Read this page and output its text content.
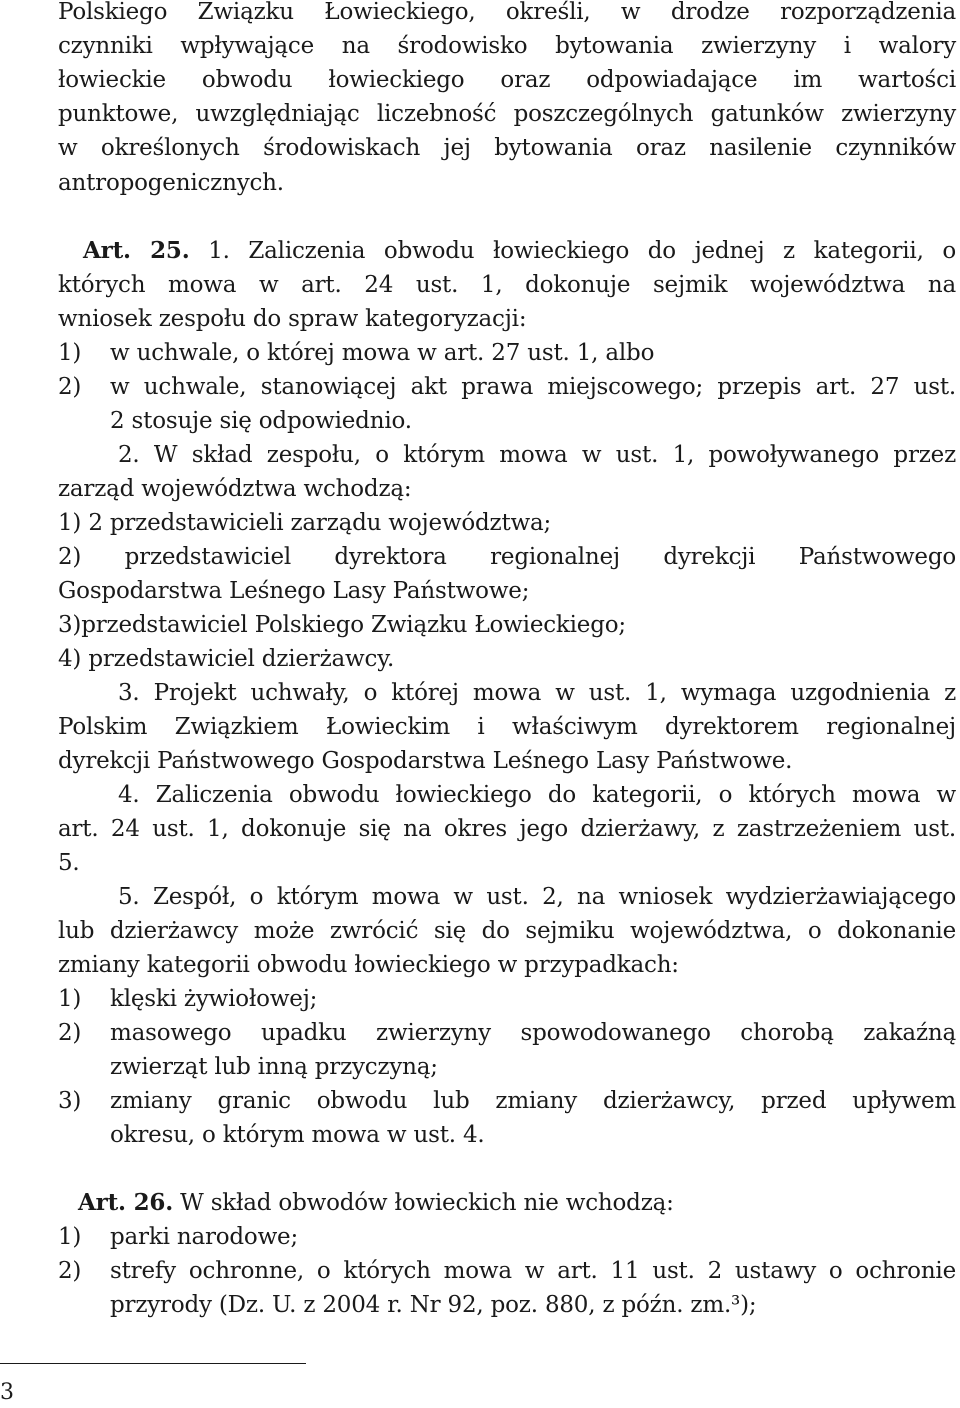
Polskiego Związku Łowieckiego, określi, w drodze rozporządzenia
czynniki wpływające na środowisko bytowania zwierzyny i walory
łowieckie obwodu łowieckiego oraz odpowiadające im wartości
punktowe, uwzględniając liczebność poszczególnych gatunków zwierzyny
w określonych środowiskach jej bytowania oraz nasilenie czynników
antropogenicznych.
Art. 25. 1. Zaliczenia obwodu łowieckiego do jednej z kategorii, o
których mowa w art. 24 ust. 1, dokonuje sejmik województwa na
wniosek zespołu do spraw kategoryzacji:
1) w uchwale, o której mowa w art. 27 ust. 1, albo
2) w uchwale, stanowiącej akt prawa miejscowego; przepis art. 27 ust.
2 stosuje się odpowiednio.
2. W skład zespołu, o którym mowa w ust. 1, powoływanego przez
zarząd województwa wchodzą:
1) 2 przedstawicieli zarządu województwa;
2) przedstawiciel dyrektora regionalnej dyrekcji Państwowego
Gospodarstwa Leśnego Lasy Państwowe;
3)przedstawiciel Polskiego Związku Łowieckiego;
4) przedstawiciel dzierżawcy.
3. Projekt uchwały, o której mowa w ust. 1, wymaga uzgodnienia z
Polskim Związkiem Łowieckim i właściwym dyrektorem regionalnej
dyrekcji Państwowego Gospodarstwa Leśnego Lasy Państwowe.
4. Zaliczenia obwodu łowieckiego do kategorii, o których mowa w
art. 24 ust. 1, dokonuje się na okres jego dzierżawy, z zastrzeżeniem ust.
5.
5. Zespół, o którym mowa w ust. 2, na wniosek wydzierżawiającego
lub dzierżawcy może zwrócić się do sejmiku województwa, o dokonanie
zmiany kategorii obwodu łowieckiego w przypadkach:
1) klęski żywiołowej;
2) masowego upadku zwierzyny spowodowanego chorobą zakaźną
zwierząt lub inną przyczyną;
3) zmiany granic obwodu lub zmiany dzierżawcy, przed upływem
okresu, o którym mowa w ust. 4.
Art. 26. W skład obwodów łowieckich nie wchodzą:
1) parki narodowe;
2) strefy ochronne, o których mowa w art. 11 ust. 2 ustawy o ochronie
przyrody (Dz. U. z 2004 r. Nr 92, poz. 880, z późn. zm.³);
3
